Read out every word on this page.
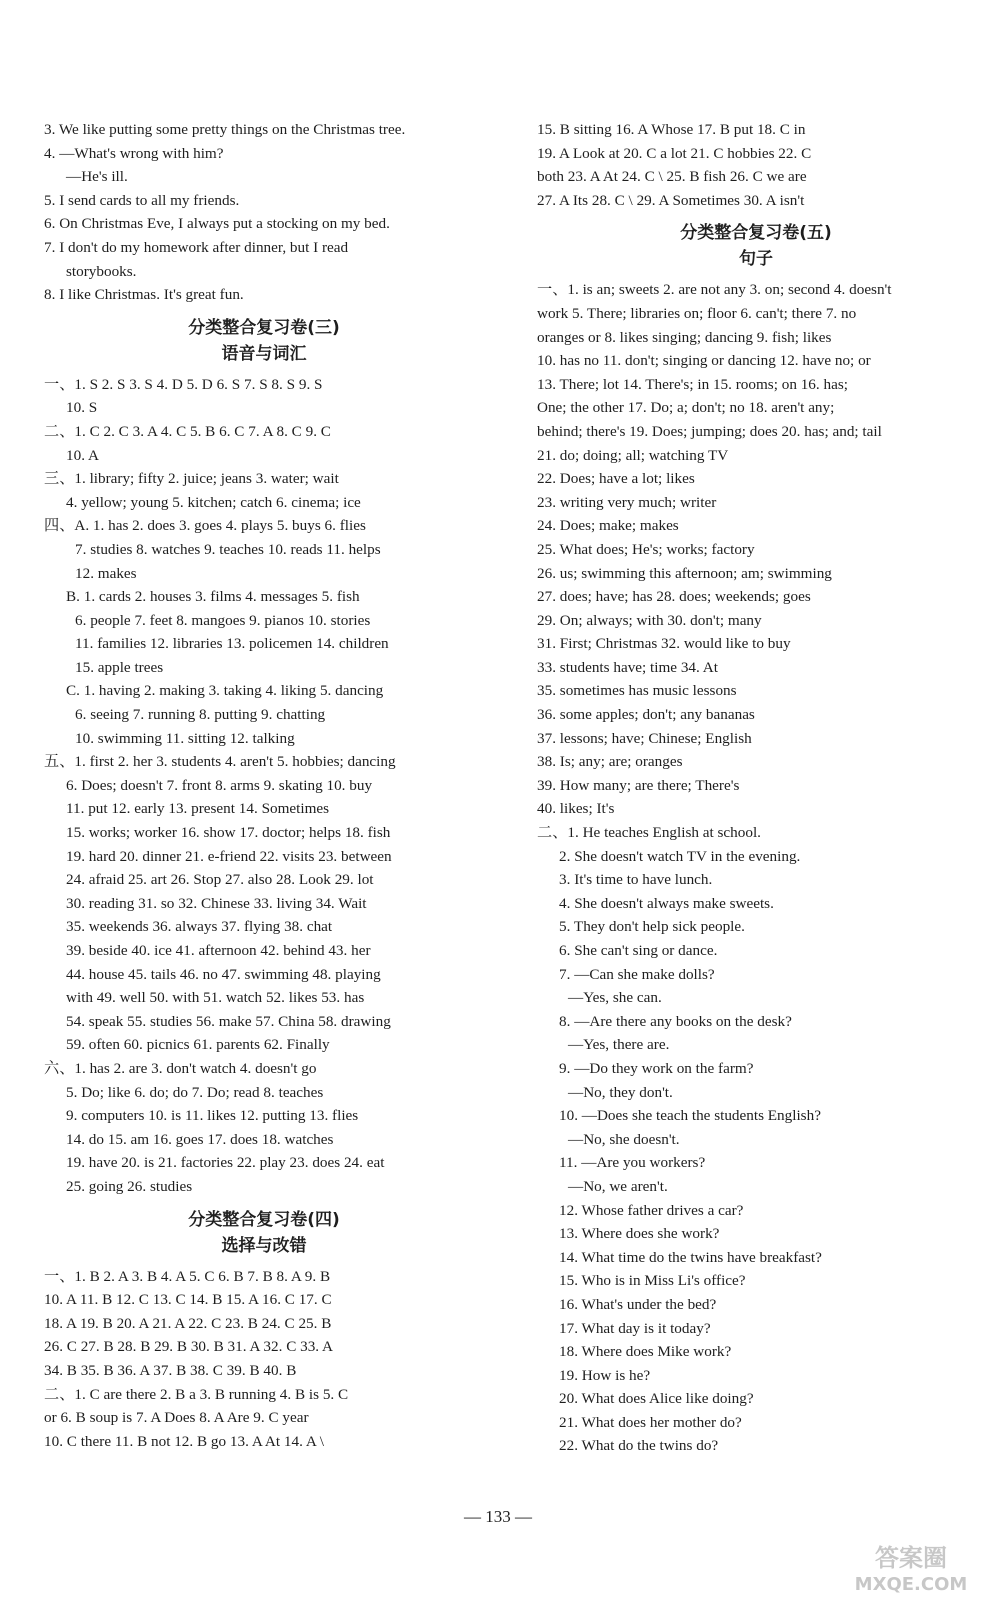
3. We like putting some pretty things on the Christmas tree.
4. —What's wrong with him?
—He's ill.
5. I send cards to all my friends.
6. On Christmas Eve, I always put a stocking on my bed.
7. I don't do my homework after dinner, but I read
storybooks.
8. I like Christmas. It's great fun.
分类整合复习卷(三)
语音与词汇
一、1. S 2. S 3. S 4. D 5. D 6. S 7. S 8. S 9. S
10. S
二、1. C 2. C 3. A 4. C 5. B 6. C 7. A 8. C 9. C
10. A
三、1. library; fifty 2. juice; jeans 3. water; wait
4. yellow; young 5. kitchen; catch 6. cinema; ice
四、A. 1. has 2. does 3. goes 4. plays 5. buys 6. flies
7. studies 8. watches 9. teaches 10. reads 11. helps
12. makes
B. 1. cards 2. houses 3. films 4. messages 5. fish
6. people 7. feet 8. mangoes 9. pianos 10. stories
11. families 12. libraries 13. policemen 14. children
15. apple trees
C. 1. having 2. making 3. taking 4. liking 5. dancing
6. seeing 7. running 8. putting 9. chatting
10. swimming 11. sitting 12. talking
五、1. first 2. her 3. students 4. aren't 5. hobbies; dancing
6. Does; doesn't 7. front 8. arms 9. skating 10. buy
11. put 12. early 13. present 14. Sometimes
15. works; worker 16. show 17. doctor; helps 18. fish
19. hard 20. dinner 21. e-friend 22. visits 23. between
24. afraid 25. art 26. Stop 27. also 28. Look 29. lot
30. reading 31. so 32. Chinese 33. living 34. Wait
35. weekends 36. always 37. flying 38. chat
39. beside 40. ice 41. afternoon 42. behind 43. her
44. house 45. tails 46. no 47. swimming 48. playing
with 49. well 50. with 51. watch 52. likes 53. has
54. speak 55. studies 56. make 57. China 58. drawing
59. often 60. picnics 61. parents 62. Finally
六、1. has 2. are 3. don't watch 4. doesn't go
5. Do; like 6. do; do 7. Do; read 8. teaches
9. computers 10. is 11. likes 12. putting 13. flies
14. do 15. am 16. goes 17. does 18. watches
19. have 20. is 21. factories 22. play 23. does 24. eat
25. going 26. studies
分类整合复习卷(四)
选择与改错
一、1. B 2. A 3. B 4. A 5. C 6. B 7. B 8. A 9. B
10. A 11. B 12. C 13. C 14. B 15. A 16. C 17. C
18. A 19. B 20. A 21. A 22. C 23. B 24. C 25. B
26. C 27. B 28. B 29. B 30. B 31. A 32. C 33. A
34. B 35. B 36. A 37. B 38. C 39. B 40. B
二、1. C are there 2. B a 3. B running 4. B is 5. C
or 6. B soup is 7. A Does 8. A Are 9. C year
10. C there 11. B not 12. B go 13. A At 14. A \
15. B sitting 16. A Whose 17. B put 18. C in
19. A Look at 20. C a lot 21. C hobbies 22. C
both 23. A At 24. C \ 25. B fish 26. C we are
27. A Its 28. C \ 29. A Sometimes 30. A isn't
分类整合复习卷(五)
句子
一、1. is an; sweets 2. are not any 3. on; second 4. doesn't
work 5. There; libraries on; floor 6. can't; there 7. no
oranges or 8. likes singing; dancing 9. fish; likes
10. has no 11. don't; singing or dancing 12. have no; or
13. There; lot 14. There's; in 15. rooms; on 16. has;
One; the other 17. Do; a; don't; no 18. aren't any;
behind; there's 19. Does; jumping; does 20. has; and; tail
21. do; doing; all; watching TV
22. Does; have a lot; likes
23. writing very much; writer
24. Does; make; makes
25. What does; He's; works; factory
26. us; swimming this afternoon; am; swimming
27. does; have; has 28. does; weekends; goes
29. On; always; with 30. don't; many
31. First; Christmas 32. would like to buy
33. students have; time 34. At
35. sometimes has music lessons
36. some apples; don't; any bananas
37. lessons; have; Chinese; English
38. Is; any; are; oranges
39. How many; are there; There's
40. likes; It's
二、1. He teaches English at school.
2. She doesn't watch TV in the evening.
3. It's time to have lunch.
4. She doesn't always make sweets.
5. They don't help sick people.
6. She can't sing or dance.
7. —Can she make dolls?
—Yes, she can.
8. —Are there any books on the desk?
—Yes, there are.
9. —Do they work on the farm?
—No, they don't.
10. —Does she teach the students English?
—No, she doesn't.
11. —Are you workers?
—No, we aren't.
12. Whose father drives a car?
13. Where does she work?
14. What time do the twins have breakfast?
15. Who is in Miss Li's office?
16. What's under the bed?
17. What day is it today?
18. Where does Mike work?
19. How is he?
20. What does Alice like doing?
21. What does her mother do?
22. What do the twins do?
— 133 —
答案圈
MXQE.COM
